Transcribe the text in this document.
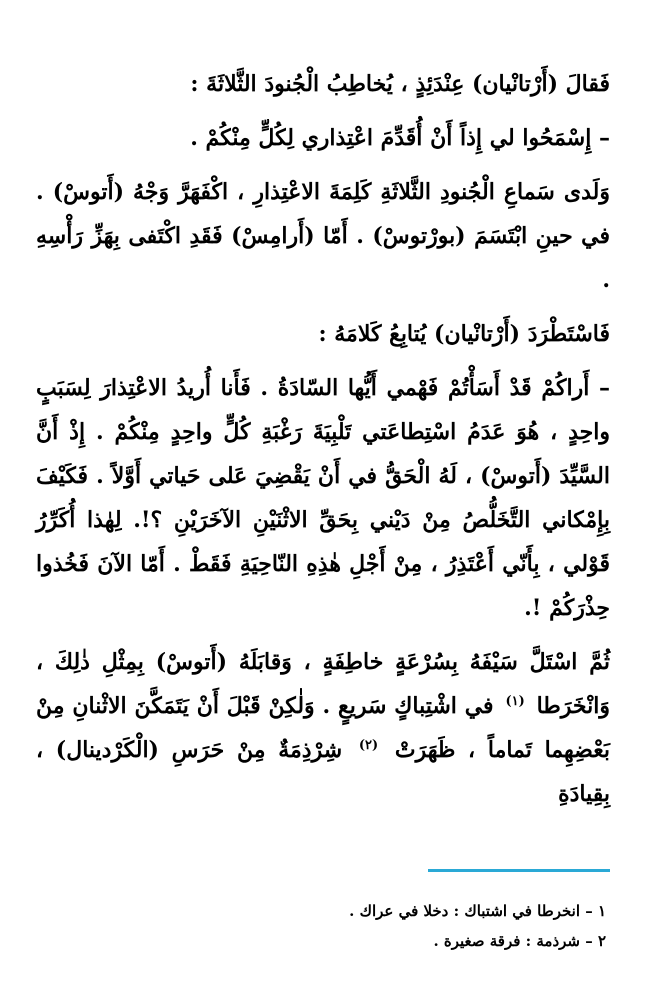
فَقالَ (أَرْتانْيان) عِنْدَئِذٍ ، يُخاطِبُ الْجُنودَ الثَّلاثَةَ :

– إِسْمَحُوا لي إِذاً أَنْ أُقَدِّمَ اعْتِذاري لِكُلٍّ مِنْكُمْ .

وَلَدى سَماعِ الْجُنودِ الثَّلاثَةِ كَلِمَةَ الاعْتِذارِ ، اكْفَهَرَّ وَجْهُ (أَتوسْ) . في حينِ ابْتَسَمَ (بورْتوسْ) . أَمّا (أَرامِسْ) فَقَدِ اكْتَفى بِهَزِّ رَأْسِهِ .

فَاسْتَطْرَدَ (أَرْتانْيان) يُتابِعُ كَلامَهُ :

– أَراكُمْ قَدْ أَسَأْتُمْ فَهْمي أَيُّها السّادَةُ . فَأَنا أُريدُ الاعْتِذارَ لِسَبَبٍ واحِدٍ ، هُوَ عَدَمُ اسْتِطاعَتي تَلْبِيَةَ رَغْبَةِ كُلٍّ واحِدٍ مِنْكُمْ . إِذْ أَنَّ السَّيِّدَ (أَتوسْ) ، لَهُ الْحَقُّ في أَنْ يَقْضِيَ عَلى حَياتي أَوَّلاً . فَكَيْفَ بِإِمْكاني التَّخَلُّصُ مِنْ دَيْني بِحَقِّ الاثْنَيْنِ الآخَرَيْنِ ؟!. لِهٰذا أُكَرِّرُ قَوْلي ، بِأَنّي أَعْتَذِرُ ، مِنْ أَجْلِ هٰذِهِ النّاحِيَةِ فَقَطْ . أَمّا الآنَ فَخُذوا حِذْرَكُمْ !.

ثُمَّ اسْتَلَّ سَيْفَهُ بِسُرْعَةٍ خاطِفَةٍ ، وَقابَلَهُ (أَتوسْ) بِمِثْلِ ذٰلِكَ ، وَانْخَرَطا $^{(١)}$ في اشْتِباكٍ سَريعٍ . وَلٰكِنْ قَبْلَ أَنْ يَتَمَكَّنَ الاثْنانِ مِنْ بَعْضِهِما تَماماً ، ظَهَرَتْ $^{(٢)}$ شِرْذِمَةٌ مِنْ حَرَسِ (الْكَرْدينال) ، بِقِيادَةِ

١ – انخرطا في اشتباك : دخلا في عراك .

٢ – شرذمة : فرقة صغيرة .
